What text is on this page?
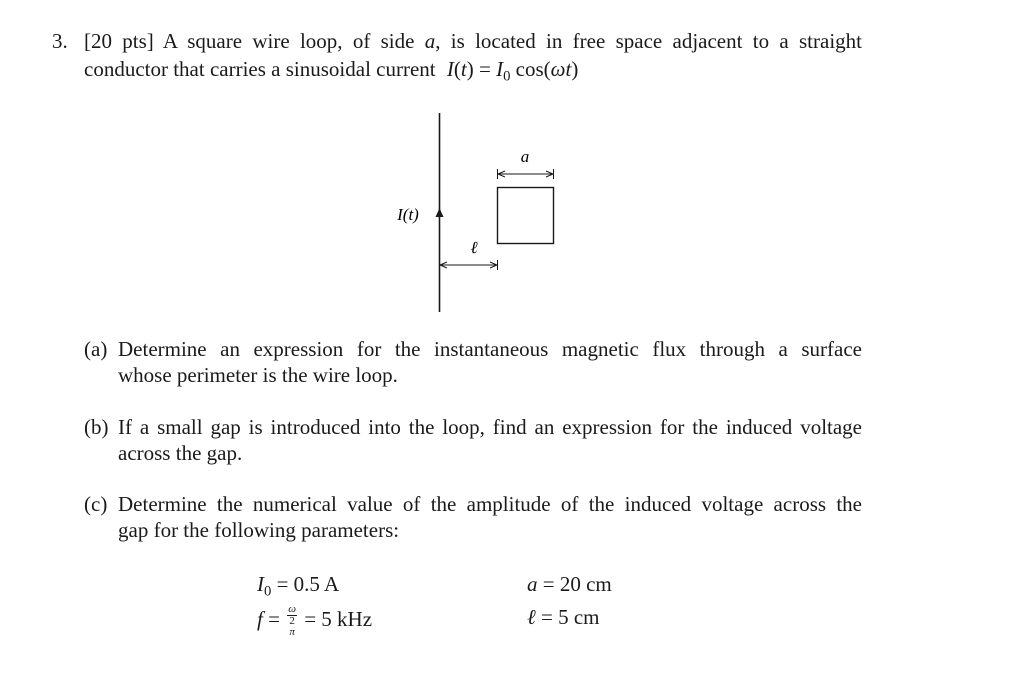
3. [20 pts] A square wire loop, of side a, is located in free space adjacent to a straight
conductor that carries a sinusoidal current $I(t) = I_0$ cos(ωt)
a
ℓ
I(t)
(a) Determine an expression for the instantaneous magnetic flux through a surface
whose perimeter is the wire loop.
(b) If a small gap is introduced into the loop, find an expression for the induced voltage
across the gap.
(c) Determine the numerical value of the amplitude of the induced voltage across the
gap for the following parameters:
$I_0 = 0.5$ A
f = ω
2
π = 5 kHz
a = 20 cm
ℓ = 5 cm
